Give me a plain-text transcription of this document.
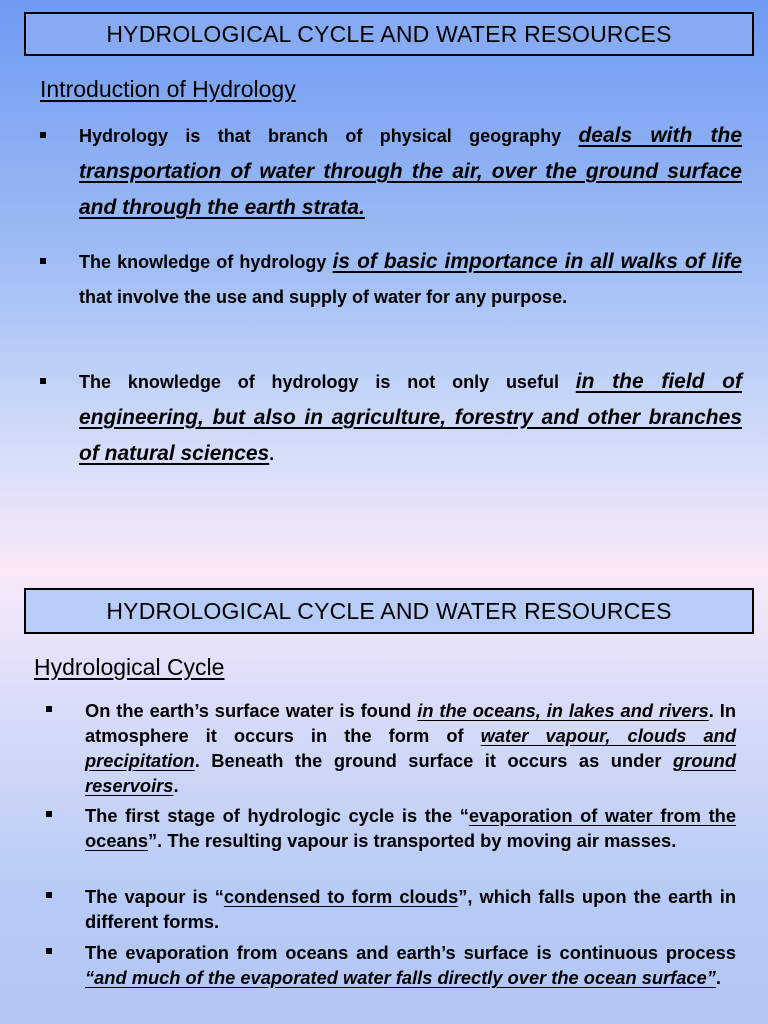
HYDROLOGICAL CYCLE AND WATER RESOURCES
Introduction of Hydrology
Hydrology is that branch of physical geography deals with the transportation of water through the air, over the ground surface and through the earth strata.
The knowledge of hydrology is of basic importance in all walks of life that involve the use and supply of water for any purpose.
The knowledge of hydrology is not only useful in the field of engineering, but also in agriculture, forestry and other branches of natural sciences.
HYDROLOGICAL CYCLE AND WATER RESOURCES
Hydrological Cycle
On the earth’s surface water is found in the oceans, in lakes and rivers. In atmosphere it occurs in the form of water vapour, clouds and precipitation. Beneath the ground surface it occurs as under ground reservoirs.
The first stage of hydrologic cycle is the “evaporation of water from the oceans”. The resulting vapour is transported by moving air masses.
The vapour is “condensed to form clouds”, which falls upon the earth in different forms.
The evaporation from oceans and earth’s surface is continuous process “and much of the evaporated water falls directly over the ocean surface”.
